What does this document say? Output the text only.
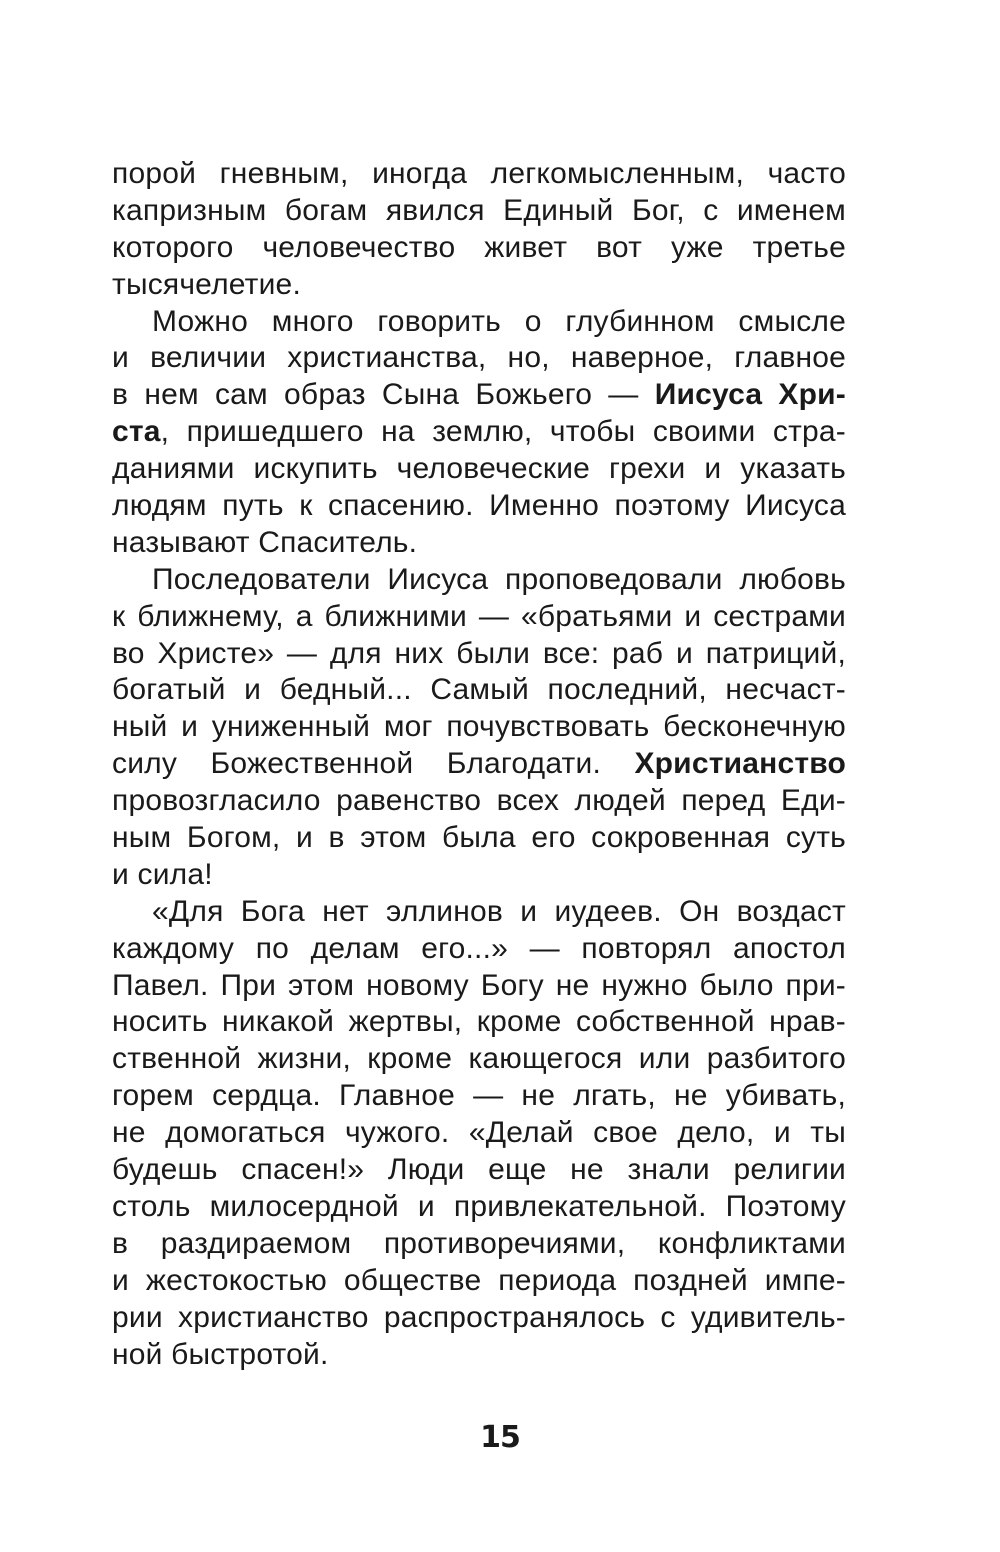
порой гневным, иногда легкомысленным, часто
капризным богам явился Единый Бог, с именем
которого человечество живет вот уже третье
тысячелетие.
Можно много говорить о глубинном смысле
и величии христианства, но, наверное, главное
в нем сам образ Сына Божьего — Иисуса Хри-
ста, пришедшего на землю, чтобы своими стра-
даниями искупить человеческие грехи и указать
людям путь к спасению. Именно поэтому Иисуса
называют Спаситель.
Последователи Иисуса проповедовали любовь
к ближнему, а ближними — «братьями и сестрами
во Христе» — для них были все: раб и патриций,
богатый и бедный... Самый последний, несчаст-
ный и униженный мог почувствовать бесконечную
силу Божественной Благодати. Христианство
провозгласило равенство всех людей перед Еди-
ным Богом, и в этом была его сокровенная суть
и сила!
«Для Бога нет эллинов и иудеев. Он воздаст
каждому по делам его...» — повторял апостол
Павел. При этом новому Богу не нужно было при-
носить никакой жертвы, кроме собственной нрав-
ственной жизни, кроме кающегося или разбитого
горем сердца. Главное — не лгать, не убивать,
не домогаться чужого. «Делай свое дело, и ты
будешь спасен!» Люди еще не знали религии
столь милосердной и привлекательной. Поэтому
в раздираемом противоречиями, конфликтами
и жестокостью обществе периода поздней импе-
рии христианство распространялось с удивитель-
ной быстротой.
15
